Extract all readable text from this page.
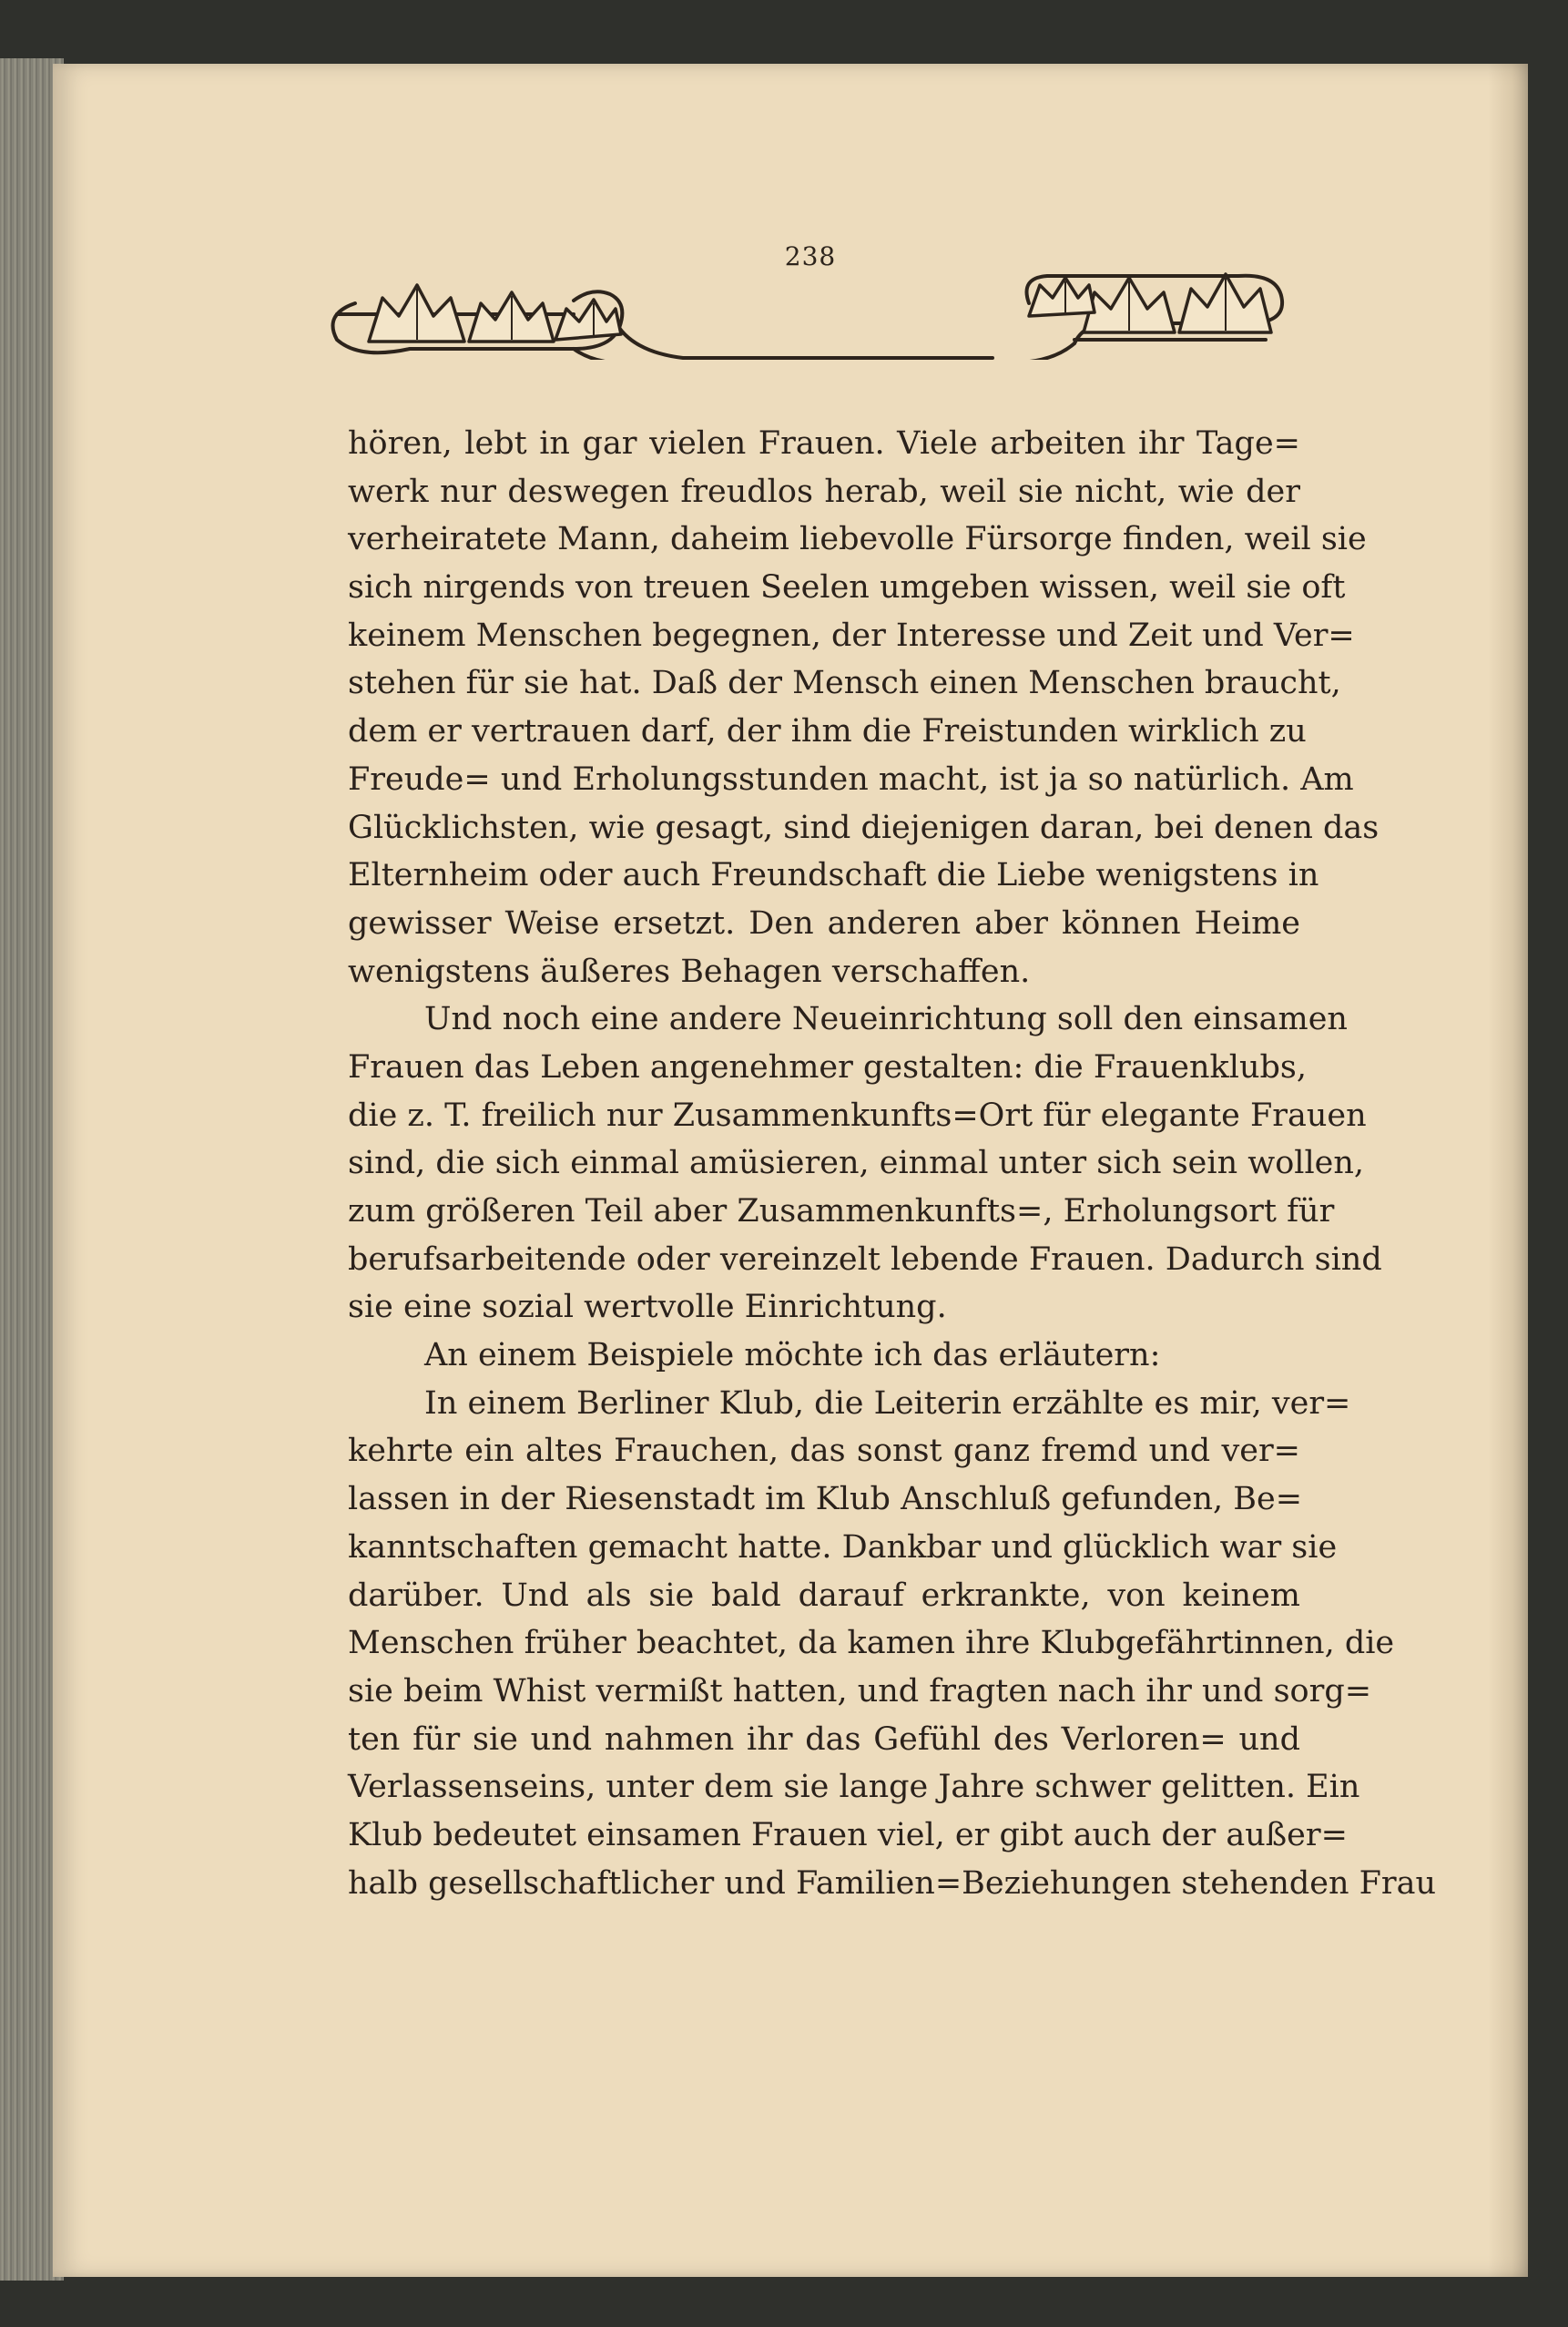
238
hören, lebt in gar vielen Frauen. Viele arbeiten ihr Tage=
werk nur deswegen freudlos herab, weil sie nicht, wie der
verheiratete Mann, daheim liebevolle Fürsorge finden, weil sie
sich nirgends von treuen Seelen umgeben wissen, weil sie oft
keinem Menschen begegnen, der Interesse und Zeit und Ver=
stehen für sie hat. Daß der Mensch einen Menschen braucht,
dem er vertrauen darf, der ihm die Freistunden wirklich zu
Freude= und Erholungsstunden macht, ist ja so natürlich. Am
Glücklichsten, wie gesagt, sind diejenigen daran, bei denen das
Elternheim oder auch Freundschaft die Liebe wenigstens in
gewisser Weise ersetzt. Den anderen aber können Heime
wenigstens äußeres Behagen verschaffen.
Und noch eine andere Neueinrichtung soll den einsamen
Frauen das Leben angenehmer gestalten: die Frauenklubs,
die z. T. freilich nur Zusammenkunfts=Ort für elegante Frauen
sind, die sich einmal amüsieren, einmal unter sich sein wollen,
zum größeren Teil aber Zusammenkunfts=, Erholungsort für
berufsarbeitende oder vereinzelt lebende Frauen. Dadurch sind
sie eine sozial wertvolle Einrichtung.
An einem Beispiele möchte ich das erläutern:
In einem Berliner Klub, die Leiterin erzählte es mir, ver=
kehrte ein altes Frauchen, das sonst ganz fremd und ver=
lassen in der Riesenstadt im Klub Anschluß gefunden, Be=
kanntschaften gemacht hatte. Dankbar und glücklich war sie
darüber. Und als sie bald darauf erkrankte, von keinem
Menschen früher beachtet, da kamen ihre Klubgefährtinnen, die
sie beim Whist vermißt hatten, und fragten nach ihr und sorg=
ten für sie und nahmen ihr das Gefühl des Verloren= und
Verlassenseins, unter dem sie lange Jahre schwer gelitten. Ein
Klub bedeutet einsamen Frauen viel, er gibt auch der außer=
halb gesellschaftlicher und Familien=Beziehungen stehenden Frau
